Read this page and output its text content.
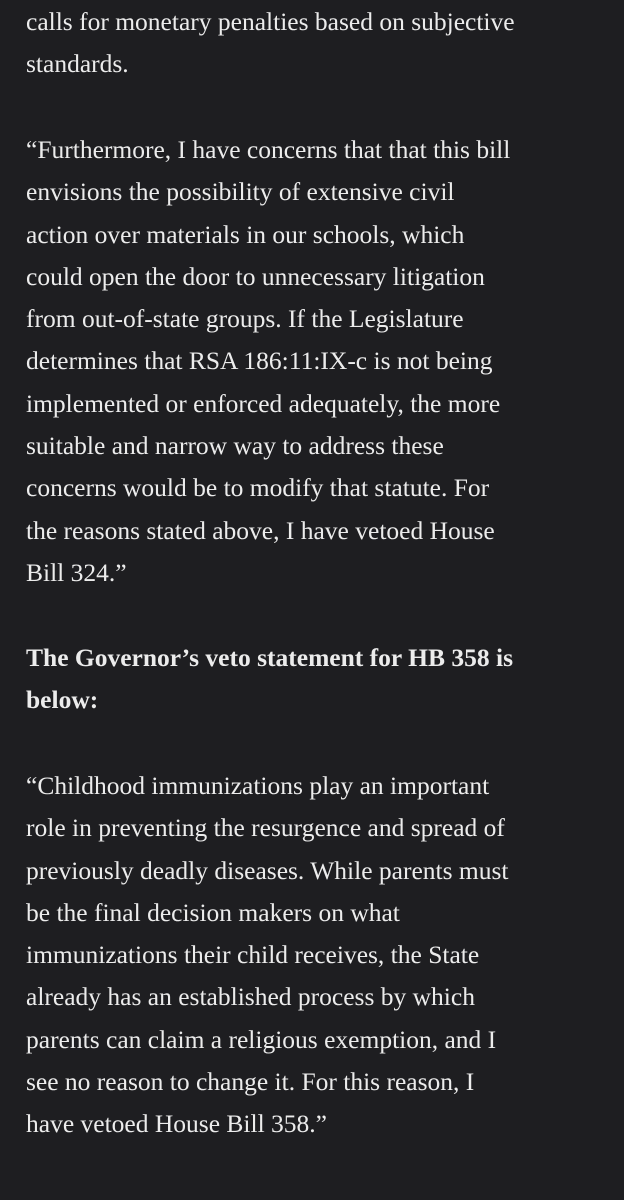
calls for monetary penalties based on subjective
standards.

“Furthermore, I have concerns that that this bill
envisions the possibility of extensive civil
action over materials in our schools, which
could open the door to unnecessary litigation
from out-of-state groups. If the Legislature
determines that RSA 186:11:IX-c is not being
implemented or enforced adequately, the more
suitable and narrow way to address these
concerns would be to modify that statute. For
the reasons stated above, I have vetoed House
Bill 324.”

The Governor’s veto statement for HB 358 is
below:

“Childhood immunizations play an important
role in preventing the resurgence and spread of
previously deadly diseases. While parents must
be the final decision makers on what
immunizations their child receives, the State
already has an established process by which
parents can claim a religious exemption, and I
see no reason to change it. For this reason, I
have vetoed House Bill 358.”
